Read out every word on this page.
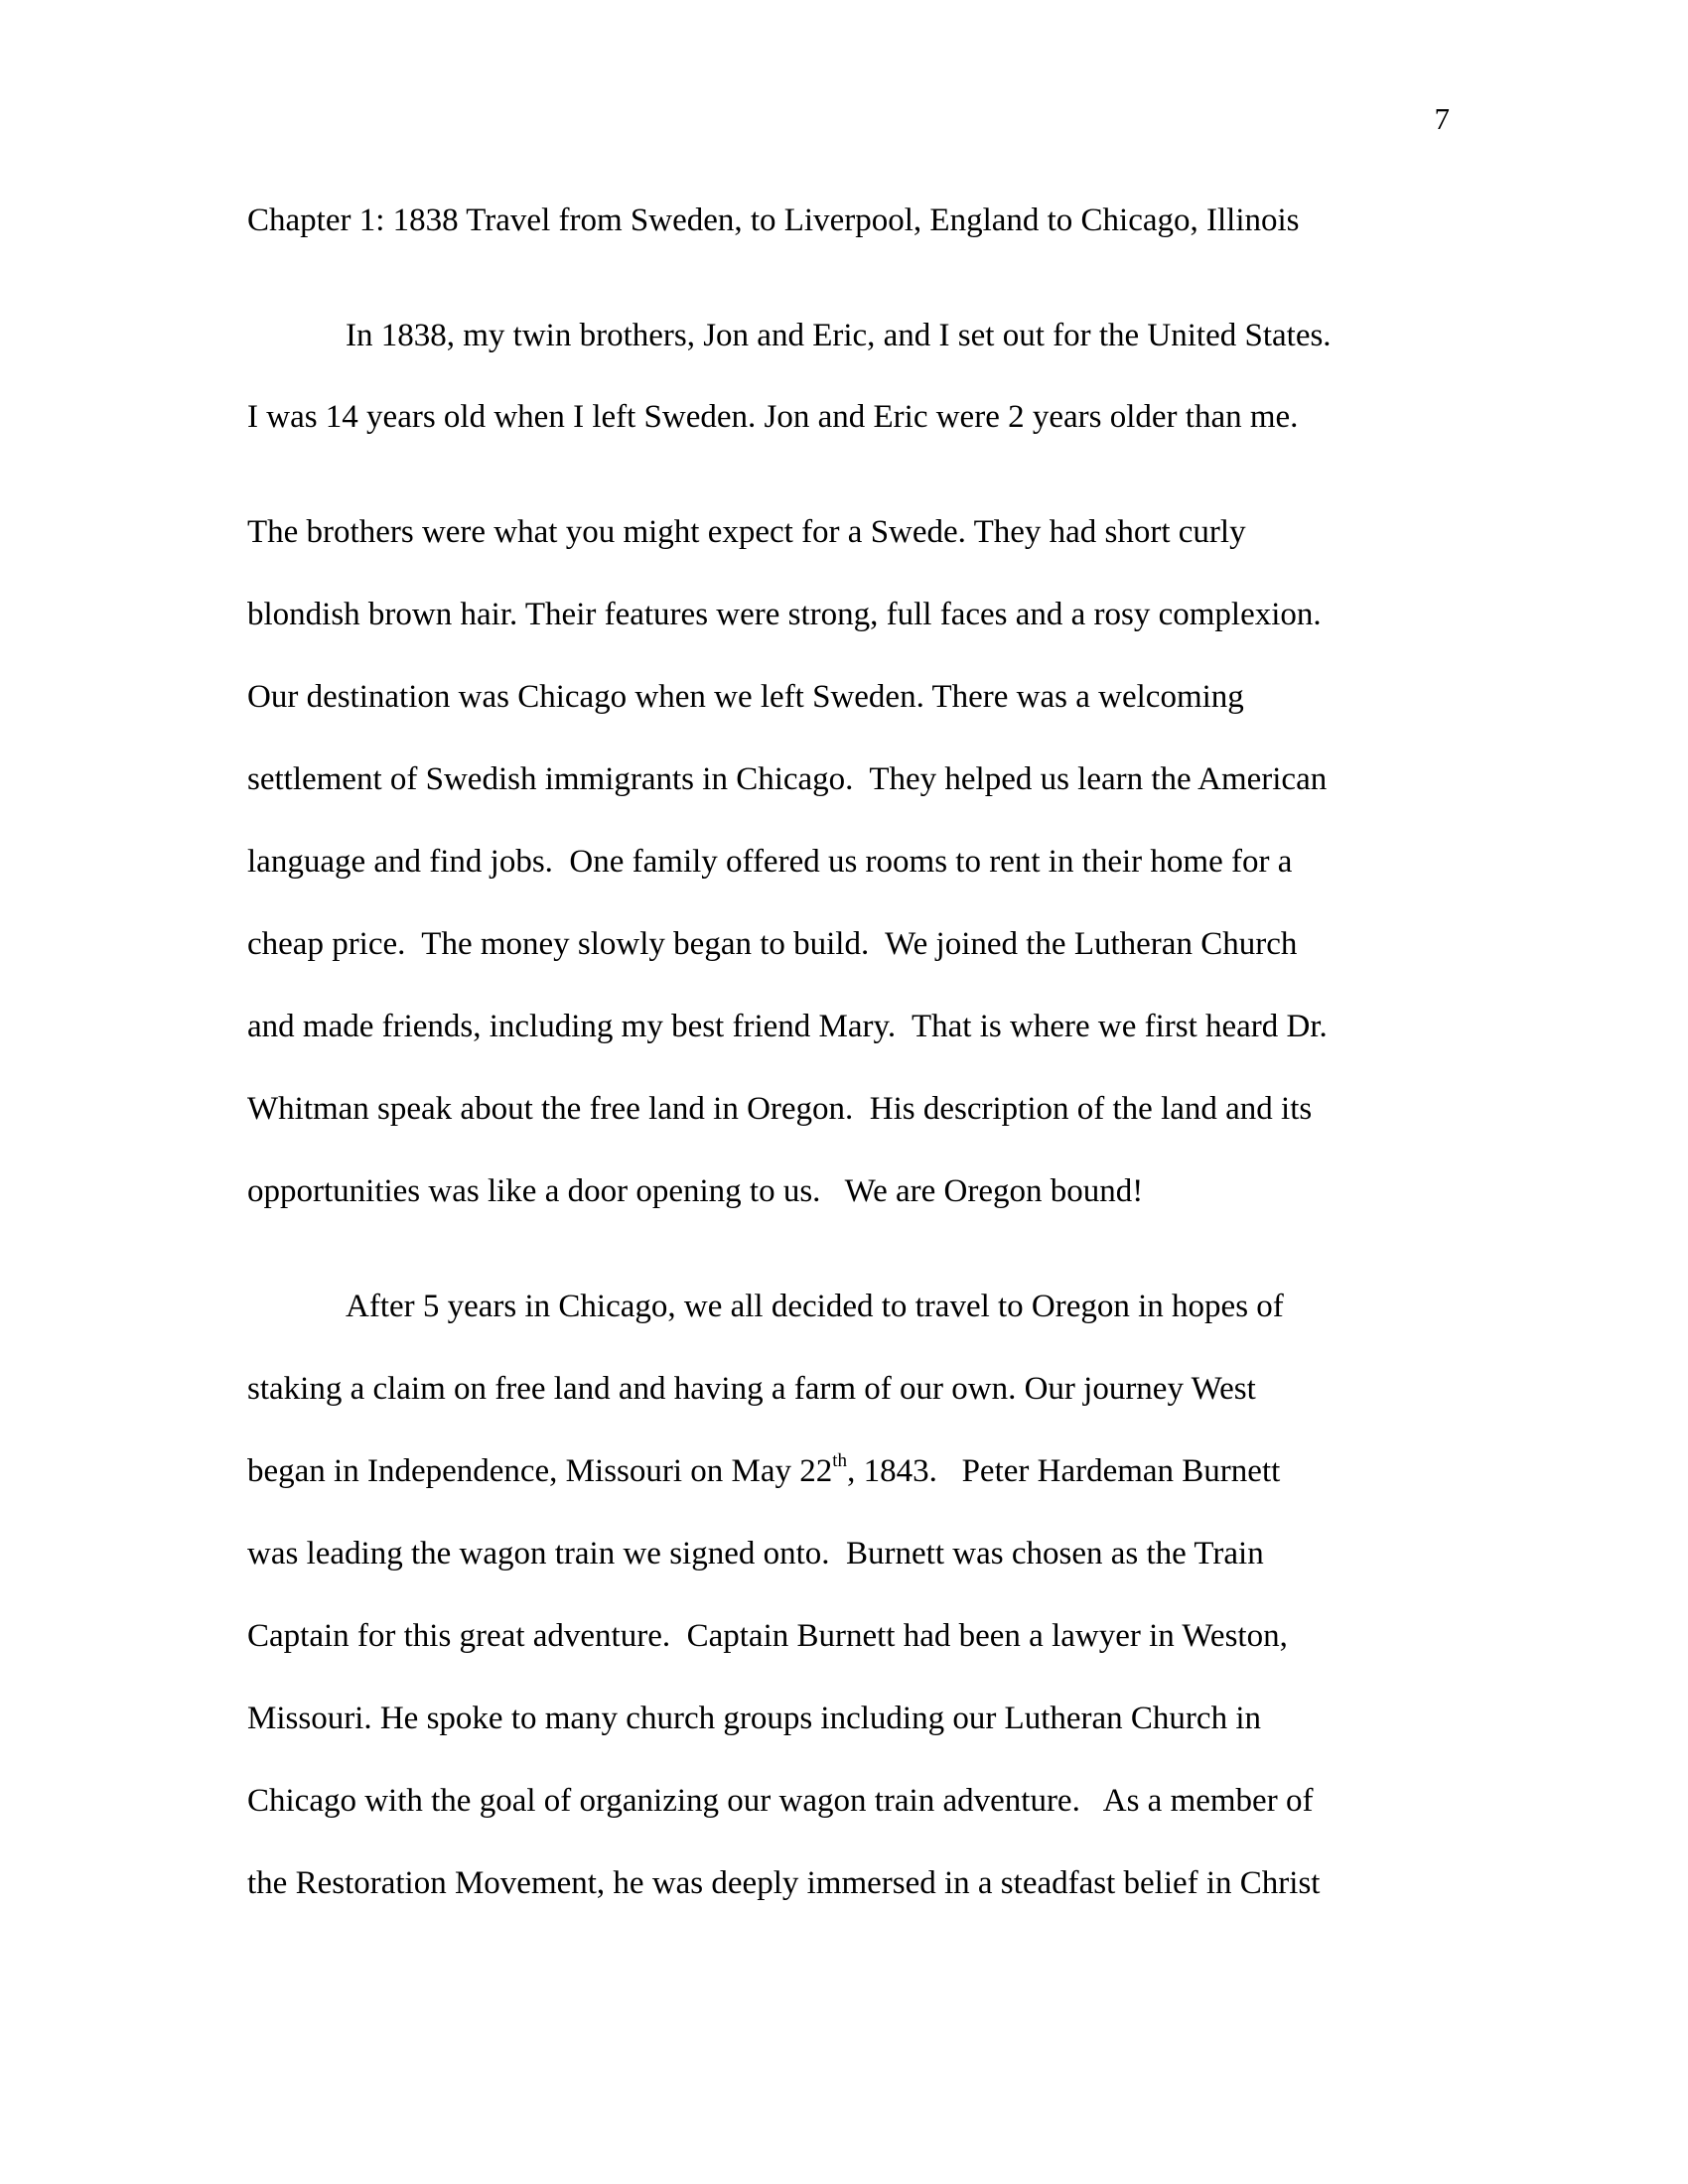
7
Chapter 1: 1838 Travel from Sweden, to Liverpool, England to Chicago, Illinois
In 1838, my twin brothers, Jon and Eric, and I set out for the United States.
I was 14 years old when I left Sweden. Jon and Eric were 2 years older than me.
The brothers were what you might expect for a Swede. They had short curly
blondish brown hair. Their features were strong, full faces and a rosy complexion.
Our destination was Chicago when we left Sweden. There was a welcoming
settlement of Swedish immigrants in Chicago.  They helped us learn the American
language and find jobs.  One family offered us rooms to rent in their home for a
cheap price.  The money slowly began to build.  We joined the Lutheran Church
and made friends, including my best friend Mary.  That is where we first heard Dr.
Whitman speak about the free land in Oregon.  His description of the land and its
opportunities was like a door opening to us.   We are Oregon bound!
After 5 years in Chicago, we all decided to travel to Oregon in hopes of
staking a claim on free land and having a farm of our own. Our journey West
began in Independence, Missouri on May 22th, 1843.   Peter Hardeman Burnett
was leading the wagon train we signed onto.  Burnett was chosen as the Train
Captain for this great adventure.  Captain Burnett had been a lawyer in Weston,
Missouri. He spoke to many church groups including our Lutheran Church in
Chicago with the goal of organizing our wagon train adventure.   As a member of
the Restoration Movement, he was deeply immersed in a steadfast belief in Christ
